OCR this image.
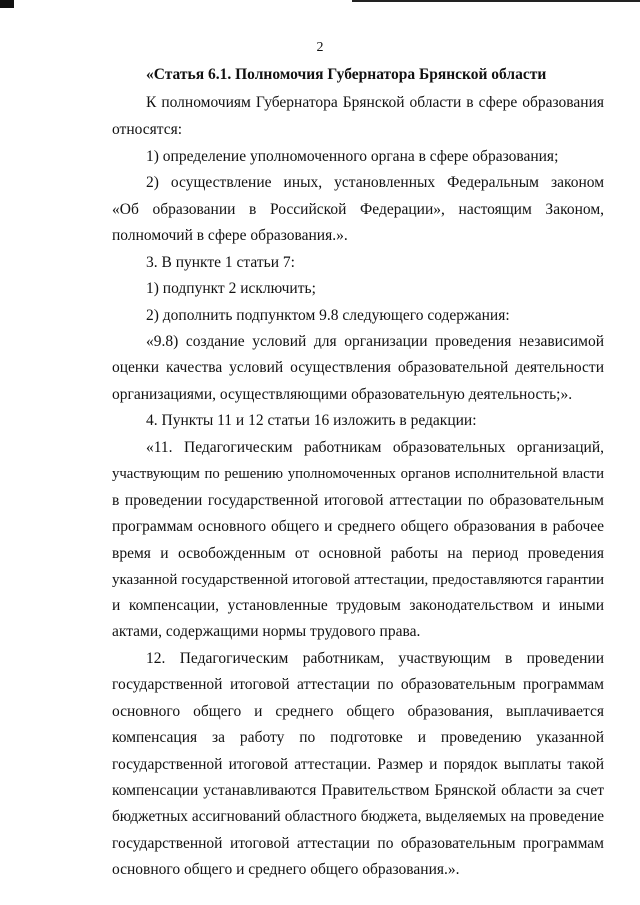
2
«Статья 6.1. Полномочия Губернатора Брянской области
К полномочиям Губернатора Брянской области в сфере образования
относятся:
1) определение уполномоченного органа в сфере образования;
2) осуществление иных, установленных Федеральным законом
«Об образовании в Российской Федерации», настоящим Законом,
полномочий в сфере образования.».
3. В пункте 1 статьи 7:
1) подпункт 2 исключить;
2) дополнить подпунктом 9.8 следующего содержания:
«9.8) создание условий для организации проведения независимой
оценки качества условий осуществления образовательной деятельности
организациями, осуществляющими образовательную деятельность;».
4. Пункты 11 и 12 статьи 16 изложить в редакции:
«11. Педагогическим работникам образовательных организаций,
участвующим по решению уполномоченных органов исполнительной власти
в проведении государственной итоговой аттестации по образовательным
программам основного общего и среднего общего образования в рабочее
время и освобожденным от основной работы на период проведения
указанной государственной итоговой аттестации, предоставляются гарантии
и компенсации, установленные трудовым законодательством и иными
актами, содержащими нормы трудового права.
12. Педагогическим работникам, участвующим в проведении
государственной итоговой аттестации по образовательным программам
основного общего и среднего общего образования, выплачивается
компенсация за работу по подготовке и проведению указанной
государственной итоговой аттестации. Размер и порядок выплаты такой
компенсации устанавливаются Правительством Брянской области за счет
бюджетных ассигнований областного бюджета, выделяемых на проведение
государственной итоговой аттестации по образовательным программам
основного общего и среднего общего образования.».
